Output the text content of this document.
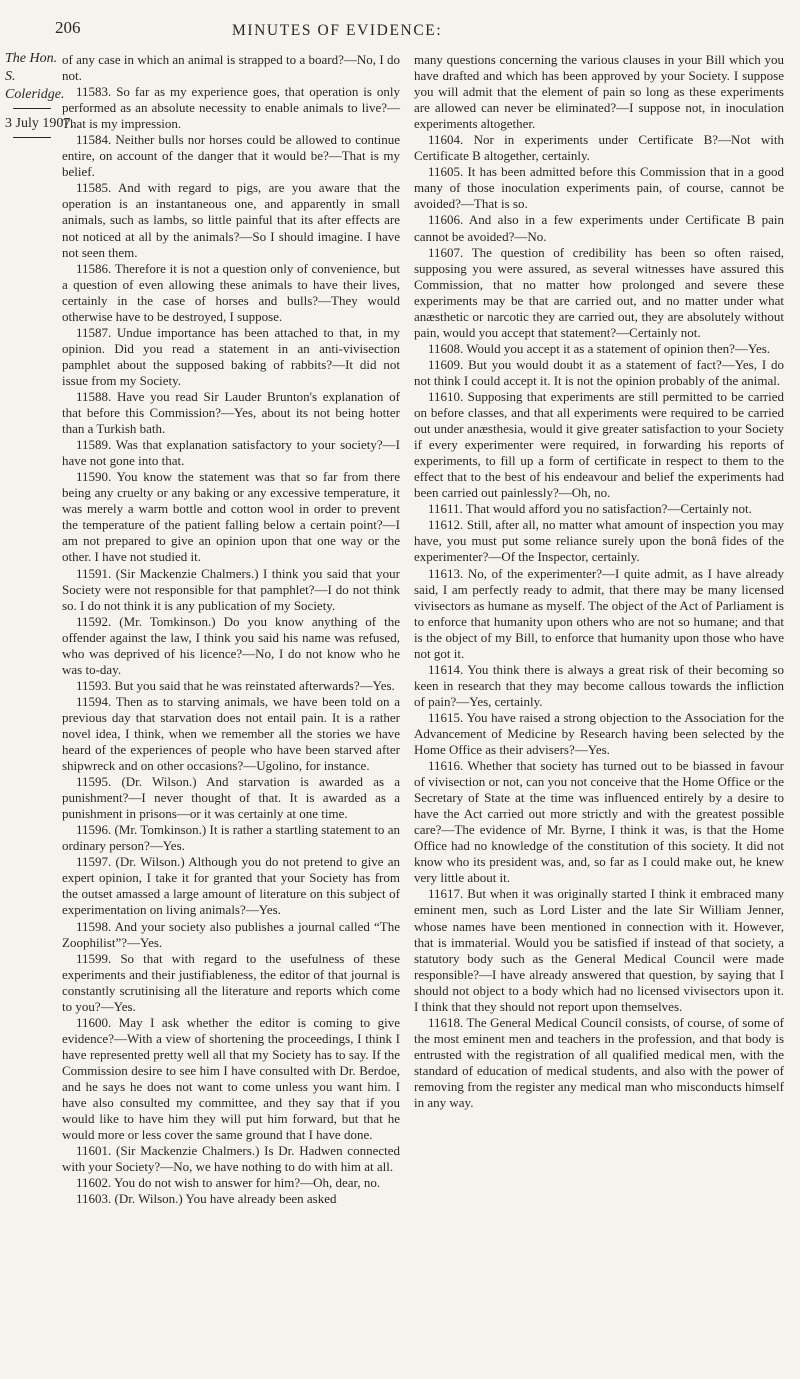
206	MINUTES OF EVIDENCE:
The Hon. S. Coleridge.
3 July 1907.

of any case in which an animal is strapped to a board?—No, I do not.

11583. So far as my experience goes, that operation is only performed as an absolute necessity to enable animals to live?—That is my impression.

11584. Neither bulls nor horses could be allowed to continue entire, on account of the danger that it would be?—That is my belief.

11585. And with regard to pigs, are you aware that the operation is an instantaneous one, and apparently in small animals, such as lambs, so little painful that its after effects are not noticed at all by the animals?—So I should imagine. I have not seen them.

11586. Therefore it is not a question only of convenience, but a question of even allowing these animals to have their lives, certainly in the case of horses and bulls?—They would otherwise have to be destroyed, I suppose.

11587. Undue importance has been attached to that, in my opinion. Did you read a statement in an anti-vivisection pamphlet about the supposed baking of rabbits?—It did not issue from my Society.

11588. Have you read Sir Lauder Brunton's explanation of that before this Commission?—Yes, about its not being hotter than a Turkish bath.

11589. Was that explanation satisfactory to your society?—I have not gone into that.

11590. You know the statement was that so far from there being any cruelty or any baking or any excessive temperature, it was merely a warm bottle and cotton wool in order to prevent the temperature of the patient falling below a certain point?—I am not prepared to give an opinion upon that one way or the other. I have not studied it.

11591. (Sir Mackenzie Chalmers.) I think you said that your Society were not responsible for that pamphlet?—I do not think so. I do not think it is any publication of my Society.

11592. (Mr. Tomkinson.) Do you know anything of the offender against the law, I think you said his name was refused, who was deprived of his licence?—No, I do not know who he was to-day.

11593. But you said that he was reinstated afterwards?—Yes.

11594. Then as to starving animals, we have been told on a previous day that starvation does not entail pain. It is a rather novel idea, I think, when we remember all the stories we have heard of the experiences of people who have been starved after shipwreck and on other occasions?—Ugolino, for instance.

11595. (Dr. Wilson.) And starvation is awarded as a punishment?—I never thought of that. It is awarded as a punishment in prisons—or it was certainly at one time.

11596. (Mr. Tomkinson.) It is rather a startling statement to an ordinary person?—Yes.

11597. (Dr. Wilson.) Although you do not pretend to give an expert opinion, I take it for granted that your Society has from the outset amassed a large amount of literature on this subject of experimentation on living animals?—Yes.

11598. And your society also publishes a journal called “The Zoophilist”?—Yes.

11599. So that with regard to the usefulness of these experiments and their justifiableness, the editor of that journal is constantly scrutinising all the literature and reports which come to you?—Yes.

11600. May I ask whether the editor is coming to give evidence?—With a view of shortening the proceedings, I think I have represented pretty well all that my Society has to say. If the Commission desire to see him I have consulted with Dr. Berdoe, and he says he does not want to come unless you want him. I have also consulted my committee, and they say that if you would like to have him they will put him forward, but that he would more or less cover the same ground that I have done.

11601. (Sir Mackenzie Chalmers.) Is Dr. Hadwen connected with your Society?—No, we have nothing to do with him at all.

11602. You do not wish to answer for him?—Oh, dear, no.

11603. (Dr. Wilson.) You have already been asked

many questions concerning the various clauses in your Bill which you have drafted and which has been approved by your Society. I suppose you will admit that the element of pain so long as these experiments are allowed can never be eliminated?—I suppose not, in inoculation experiments altogether.

11604. Nor in experiments under Certificate B?—Not with Certificate B altogether, certainly.

11605. It has been admitted before this Commission that in a good many of those inoculation experiments pain, of course, cannot be avoided?—That is so.

11606. And also in a few experiments under Certificate B pain cannot be avoided?—No.

11607. The question of credibility has been so often raised, supposing you were assured, as several witnesses have assured this Commission, that no matter how prolonged and severe these experiments may be that are carried out, and no matter under what anæsthetic or narcotic they are carried out, they are absolutely without pain, would you accept that statement?—Certainly not.

11608. Would you accept it as a statement of opinion then?—Yes.

11609. But you would doubt it as a statement of fact?—Yes, I do not think I could accept it. It is not the opinion probably of the animal.

11610. Supposing that experiments are still permitted to be carried on before classes, and that all experiments were required to be carried out under anæsthesia, would it give greater satisfaction to your Society if every experimenter were required, in forwarding his reports of experiments, to fill up a form of certificate in respect to them to the effect that to the best of his endeavour and belief the experiments had been carried out painlessly?—Oh, no.

11611. That would afford you no satisfaction?—Certainly not.

11612. Still, after all, no matter what amount of inspection you may have, you must put some reliance surely upon the bonâ fides of the experimenter?—Of the Inspector, certainly.

11613. No, of the experimenter?—I quite admit, as I have already said, I am perfectly ready to admit, that there may be many licensed vivisectors as humane as myself. The object of the Act of Parliament is to enforce that humanity upon others who are not so humane; and that is the object of my Bill, to enforce that humanity upon those who have not got it.

11614. You think there is always a great risk of their becoming so keen in research that they may become callous towards the infliction of pain?—Yes, certainly.

11615. You have raised a strong objection to the Association for the Advancement of Medicine by Research having been selected by the Home Office as their advisers?—Yes.

11616. Whether that society has turned out to be biassed in favour of vivisection or not, can you not conceive that the Home Office or the Secretary of State at the time was influenced entirely by a desire to have the Act carried out more strictly and with the greatest possible care?—The evidence of Mr. Byrne, I think it was, is that the Home Office had no knowledge of the constitution of this society. It did not know who its president was, and, so far as I could make out, he knew very little about it.

11617. But when it was originally started I think it embraced many eminent men, such as Lord Lister and the late Sir William Jenner, whose names have been mentioned in connection with it. However, that is immaterial. Would you be satisfied if instead of that society, a statutory body such as the General Medical Council were made responsible?—I have already answered that question, by saying that I should not object to a body which had no licensed vivisectors upon it. I think that they should not report upon themselves.

11618. The General Medical Council consists, of course, of some of the most eminent men and teachers in the profession, and that body is entrusted with the registration of all qualified medical men, with the standard of education of medical students, and also with the power of removing from the register any medical man who misconducts himself in any way.
